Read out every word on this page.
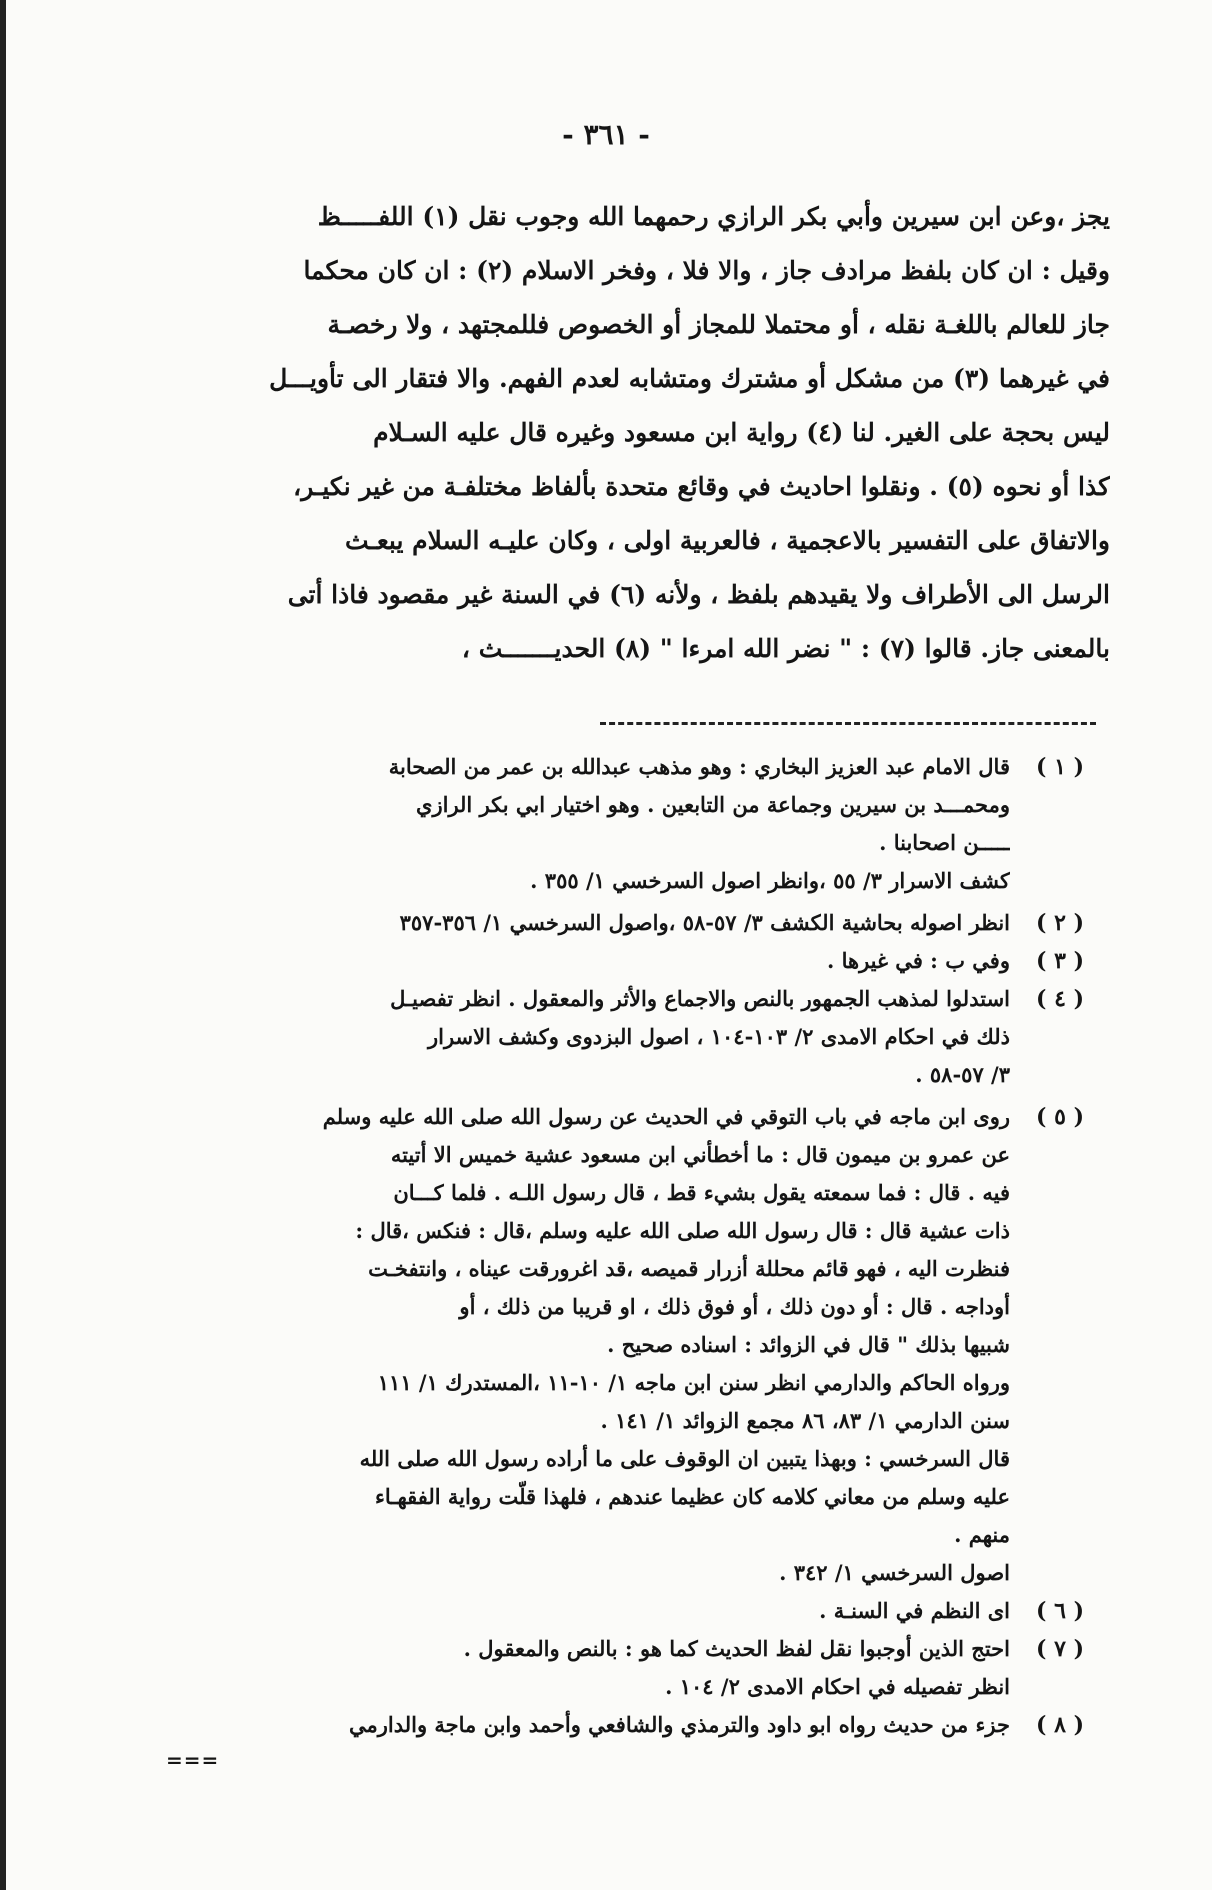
- ٣٦١ -
يجز ،وعن ابن سيرين وأبي بكر الرازي رحمهما الله وجوب نقل (١) اللفـــــظ
وقيل : ان كان بلفظ مرادف جاز ، والا فلا ، وفخر الاسلام (٢) : ان كان محكما
جاز للعالم باللغـة نقله ، أو محتملا للمجاز أو الخصوص فللمجتهد ، ولا رخصـة
في غيرهما (٣) من مشكل أو مشترك ومتشابه لعدم الفهم. والا فتقار الى تأويـــل
ليس بحجة على الغير. لنا (٤) رواية ابن مسعود وغيره قال عليه السـلام
كذا أو نحوه (٥) . ونقلوا احاديث في وقائع متحدة بألفاظ مختلفـة من غير نكيـر،
والاتفاق على التفسير بالاعجمية ، فالعربية اولى ، وكان عليـه السلام يبعـث
الرسل الى الأطراف ولا يقيدهم بلفظ ، ولأنه (٦) في السنة غير مقصود فاذا أتى
بالمعنى جاز. قالوا (٧) : " نضر الله امرءا " (٨) الحديـــــــث ،
( ١ )
قال الامام عبد العزيز البخاري : وهو مذهب عبدالله بن عمر من الصحابة
ومحمـــد بن سيرين وجماعة من التابعين . وهو اختيار ابي بكر الرازي
ـــــن اصحابنا .
كشف الاسرار ٣/ ٥٥ ،وانظر اصول السرخسي ١/ ٣٥٥ .
( ٢ )
انظر اصوله بحاشية الكشف ٣/ ٥٧-٥٨ ،واصول السرخسي ١/ ٣٥٦-٣٥٧
( ٣ )
وفي ب : في غيرها .
( ٤ )
استدلوا لمذهب الجمهور بالنص والاجماع والأثر والمعقول . انظر تفصيـل
ذلك في احكام الامدى ٢/ ١٠٣-١٠٤ ، اصول البزدوى وكشف الاسرار
٣/ ٥٧-٥٨ .
( ٥ )
روى ابن ماجه في باب التوقي في الحديث عن رسول الله صلى الله عليه وسلم
عن عمرو بن ميمون قال : ما أخطأني ابن مسعود عشية خميس الا أتيته
فيه . قال : فما سمعته يقول بشيء قط ، قال رسول اللـه . فلما كـــان
ذات عشية قال : قال رسول الله صلى الله عليه وسلم ،قال : فنكس ،قال :
فنظرت اليه ، فهو قائم محللة أزرار قميصه ،قد اغرورقت عيناه ، وانتفخـت
أوداجه . قال : أو دون ذلك ، أو فوق ذلك ، او قريبا من ذلك ، أو
شبيها بذلك " قال في الزوائد : اسناده صحيح .
ورواه الحاكم والدارمي انظر سنن ابن ماجه ١/ ١٠-١١ ،المستدرك ١/ ١١١
سنن الدارمي ١/ ٨٣، ٨٦ مجمع الزوائد ١/ ١٤١ .
قال السرخسي : وبهذا يتبين ان الوقوف على ما أراده رسول الله صلى الله
عليه وسلم من معاني كلامه كان عظيما عندهم ، فلهذا قلّت رواية الفقهـاء
منهم .
اصول السرخسي ١/ ٣٤٢ .
( ٦ )
اى النظم في السنـة .
( ٧ )
احتج الذين أوجبوا نقل لفظ الحديث كما هو : بالنص والمعقول .
انظر تفصيله في احكام الامدى ٢/ ١٠٤ .
( ٨ )
جزء من حديث رواه ابو داود والترمذي والشافعي وأحمد وابن ماجة والدارمي
===
